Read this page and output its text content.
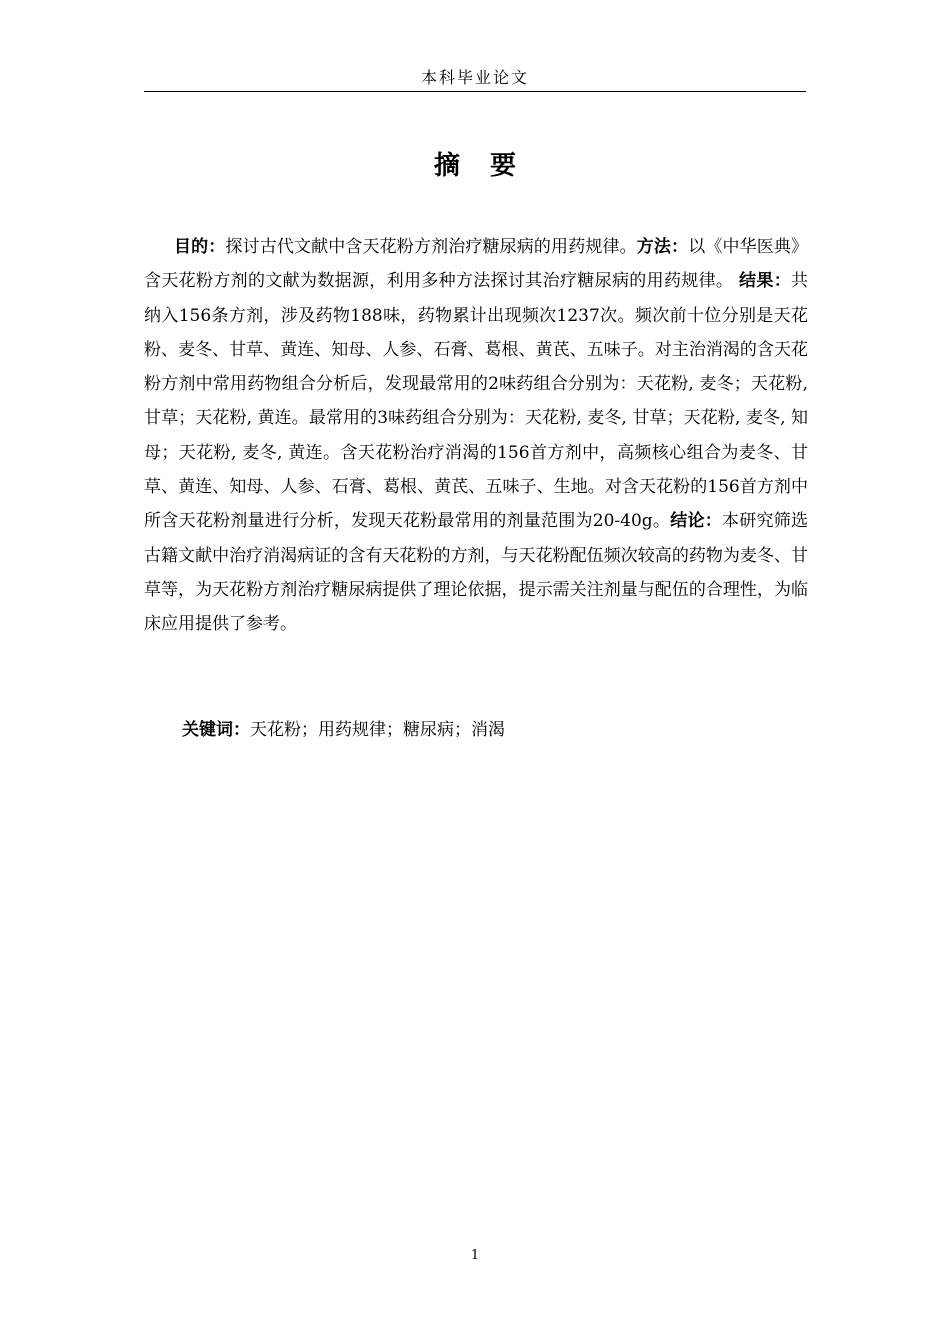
本科毕业论文
摘 要

目的：探讨古代文献中含天花粉方剂治疗糖尿病的用药规律。方法：以《中华医典》含天花粉方剂的文献为数据源，利用多种方法探讨其治疗糖尿病的用药规律。 结果：共纳入156条方剂，涉及药物188味，药物累计出现频次1237次。频次前十位分别是天花粉、麦冬、甘草、黄连、知母、人参、石膏、葛根、黄芪、五味子。对主治消渴的含天花粉方剂中常用药物组合分析后，发现最常用的2味药组合分别为：天花粉, 麦冬；天花粉, 甘草；天花粉, 黄连。最常用的3味药组合分别为：天花粉, 麦冬, 甘草；天花粉, 麦冬, 知母；天花粉, 麦冬, 黄连。含天花粉治疗消渴的156首方剂中，高频核心组合为麦冬、甘草、黄连、知母、人参、石膏、葛根、黄芪、五味子、生地。对含天花粉的156首方剂中所含天花粉剂量进行分析，发现天花粉最常用的剂量范围为20-40g。结论：本研究筛选古籍文献中治疗消渴病证的含有天花粉的方剂，与天花粉配伍频次较高的药物为麦冬、甘草等，为天花粉方剂治疗糖尿病提供了理论依据，提示需关注剂量与配伍的合理性，为临床应用提供了参考。

关键词：天花粉；用药规律；糖尿病；消渴
1
